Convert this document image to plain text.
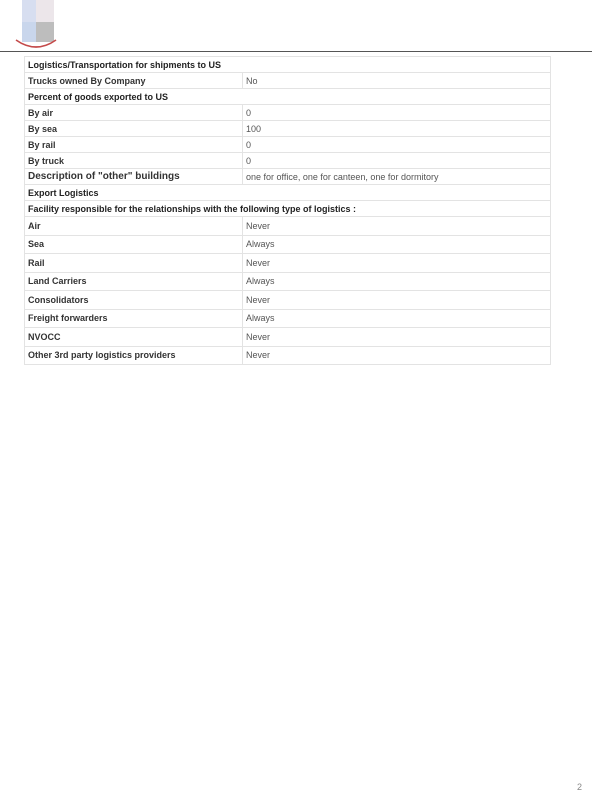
Logistics/Transportation for shipments to US	
Trucks owned By Company	No
Percent of goods exported to US	
By air	0
By sea	100
By rail	0
By truck	0
Description of "other" buildings	one for office, one for canteen, one for dormitory
Export Logistics	
Facility responsible for the relationships with the following type of logistics :	
Air	Never
Sea	Always
Rail	Never
Land Carriers	Always
Consolidators	Never
Freight forwarders	Always
NVOCC	Never
Other 3rd party logistics providers	Never
2
